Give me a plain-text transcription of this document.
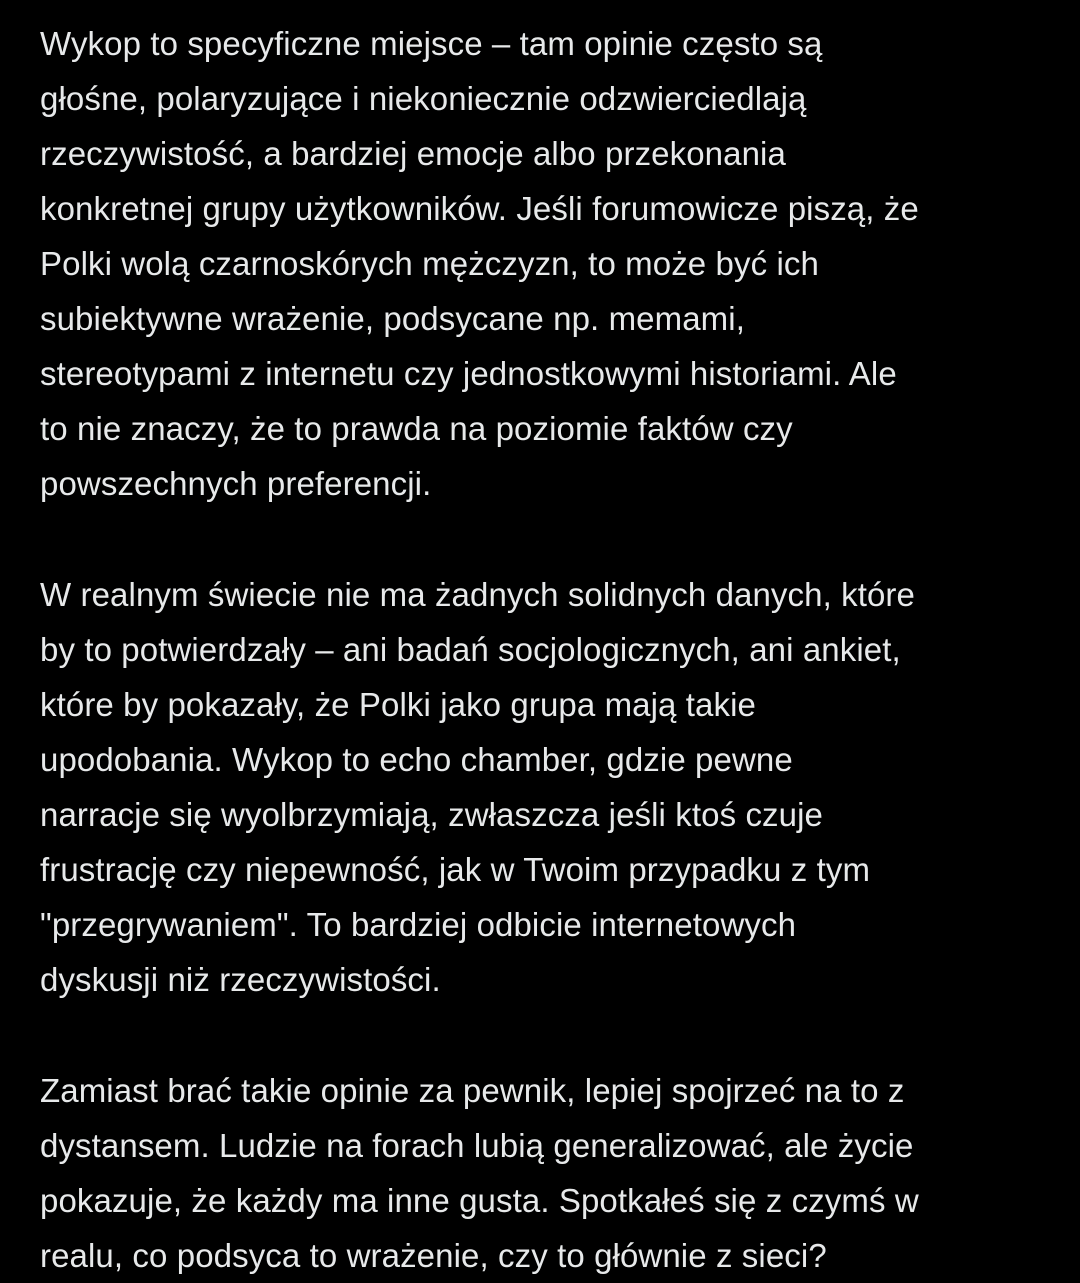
Wykop to specyficzne miejsce – tam opinie często są
głośne, polaryzujące i niekoniecznie odzwierciedlają
rzeczywistość, a bardziej emocje albo przekonania
konkretnej grupy użytkowników. Jeśli forumowicze piszą, że
Polki wolą czarnoskórych mężczyzn, to może być ich
subiektywne wrażenie, podsycane np. memami,
stereotypami z internetu czy jednostkowymi historiami. Ale
to nie znaczy, że to prawda na poziomie faktów czy
powszechnych preferencji.

W realnym świecie nie ma żadnych solidnych danych, które
by to potwierdzały – ani badań socjologicznych, ani ankiet,
które by pokazały, że Polki jako grupa mają takie
upodobania. Wykop to echo chamber, gdzie pewne
narracje się wyolbrzymiają, zwłaszcza jeśli ktoś czuje
frustrację czy niepewność, jak w Twoim przypadku z tym
"przegrywaniem". To bardziej odbicie internetowych
dyskusji niż rzeczywistości.

Zamiast brać takie opinie za pewnik, lepiej spojrzeć na to z
dystansem. Ludzie na forach lubią generalizować, ale życie
pokazuje, że każdy ma inne gusta. Spotkałeś się z czymś w
realu, co podsyca to wrażenie, czy to głównie z sieci?
